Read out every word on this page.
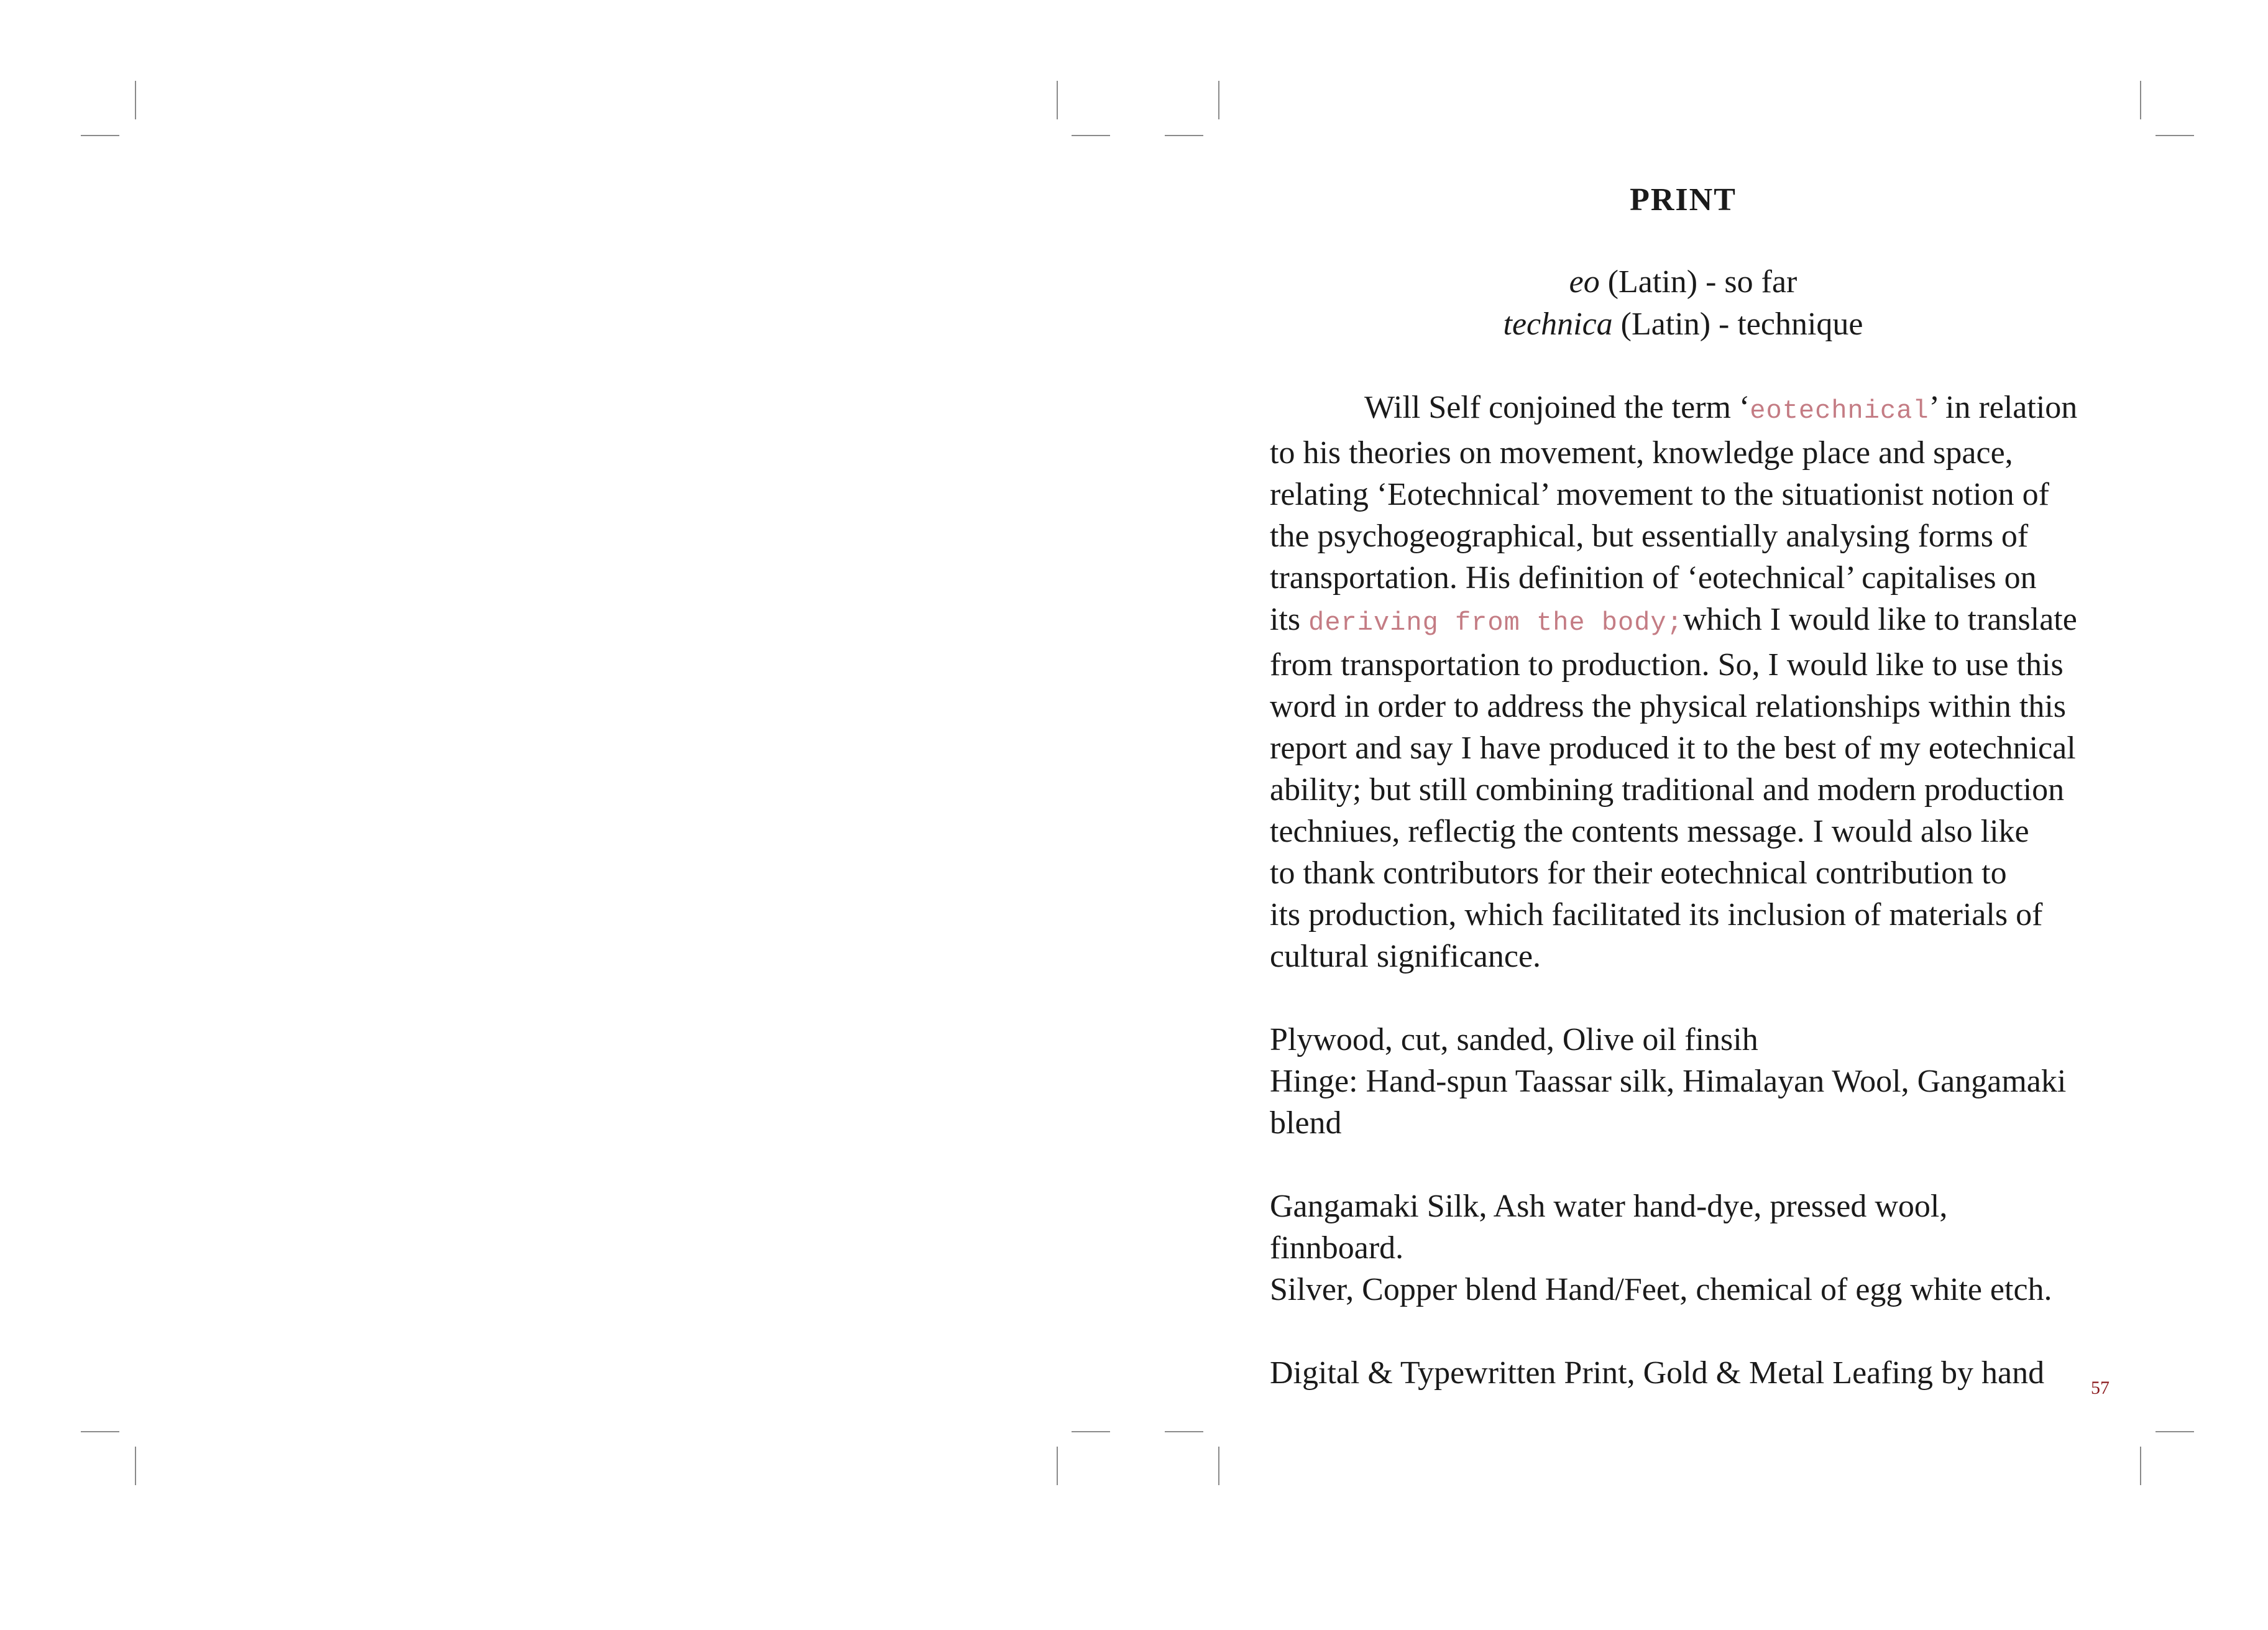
PRINT

eo (Latin) - so far

technica (Latin) - technique

Will Self conjoined the term ‘eotechnical’ in relation
to his theories on movement, knowledge place and space,
relating ‘Eotechnical’ movement to the situationist notion of
the psychogeographical, but essentially analysing forms of
transportation. His definition of ‘eotechnical’ capitalises on
its deriving from the body;which I would like to translate
from transportation to production. So, I would like to use this
word in order to address the physical relationships within this
report and say I have produced it to the best of my eotechnical
ability; but still combining traditional and modern production
techniues, reflectig the contents message. I would also like
to thank contributors for their eotechnical contribution to
its production, which facilitated its inclusion of materials of
cultural significance.
Plywood, cut, sanded, Olive oil finsih
Hinge: Hand-spun Taassar silk, Himalayan Wool, Gangamaki
blend
Gangamaki Silk, Ash water hand-dye, pressed wool,
finnboard.
Silver, Copper blend Hand/Feet, chemical of egg white etch.
Digital & Typewritten Print, Gold & Metal Leafing by hand	57
